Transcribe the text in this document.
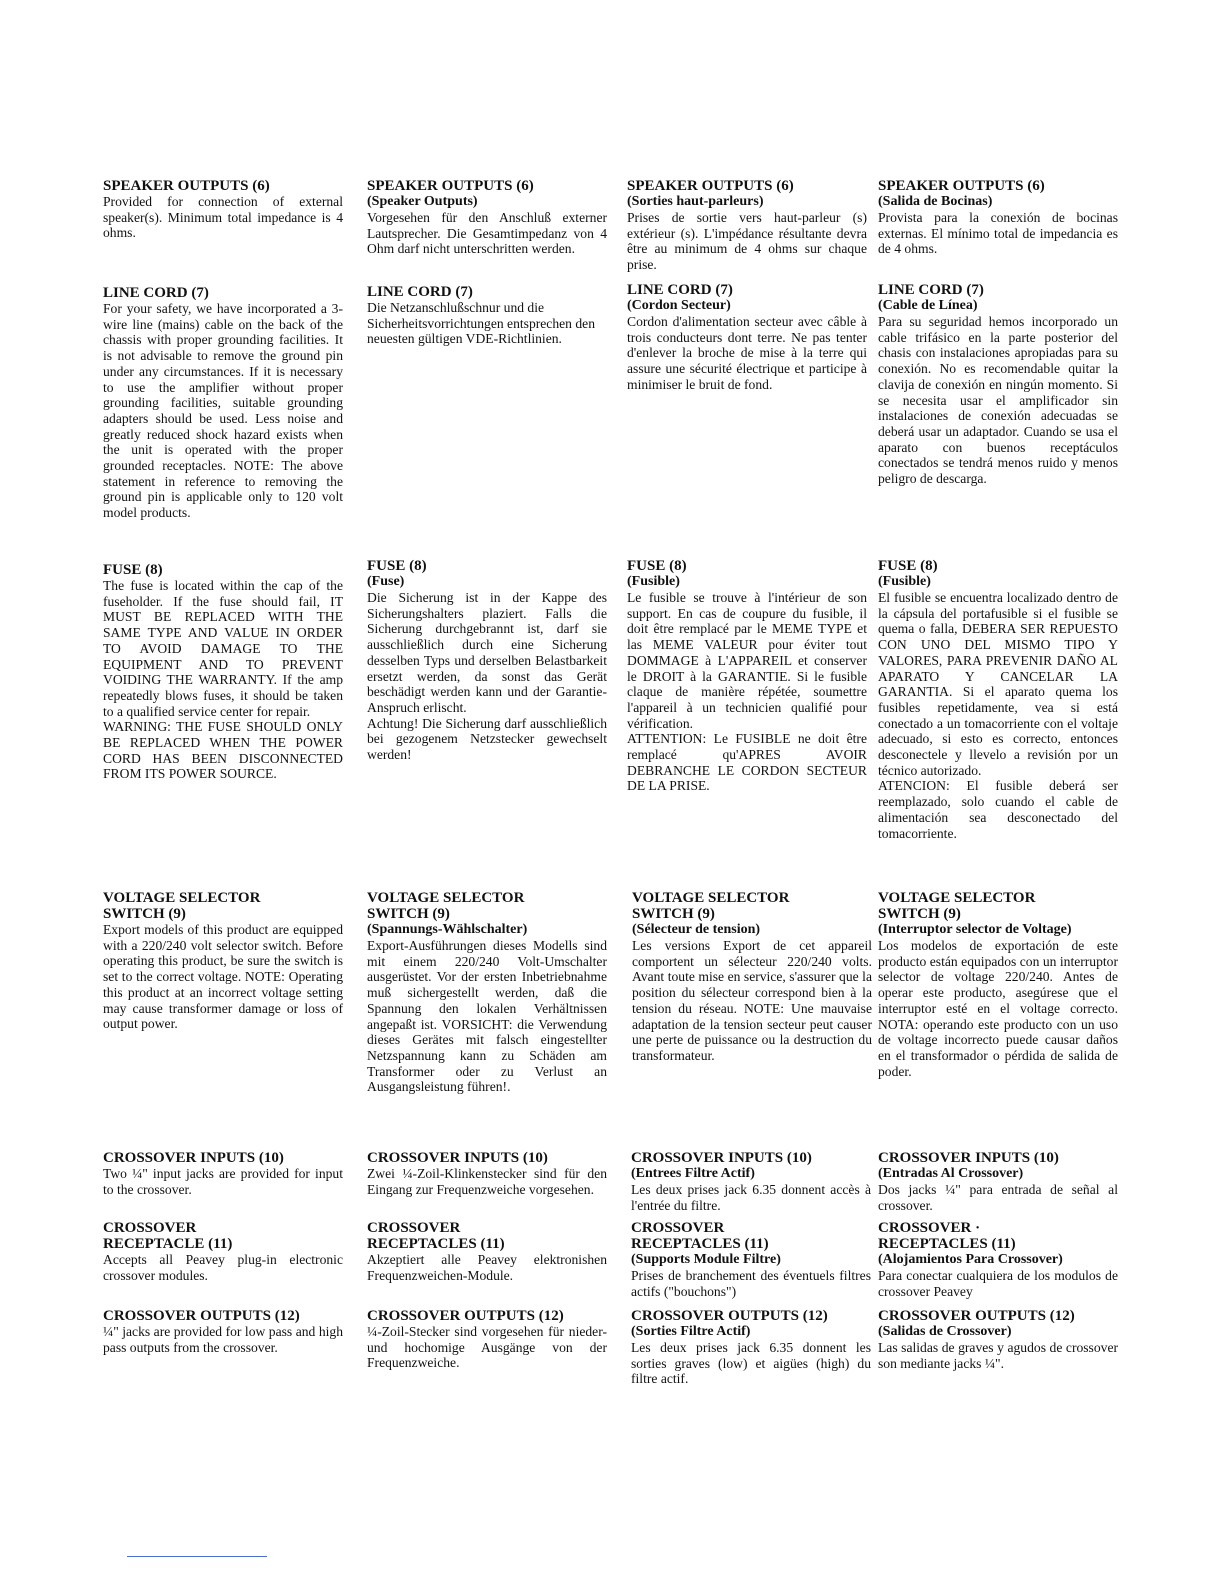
SPEAKER OUTPUTS (6)

Provided for connection of external speaker(s). Minimum total impedance is 4 ohms.

LINE CORD (7)

For your safety, we have incorporated a 3-wire line (mains) cable on the back of the chassis with proper grounding facilities. It is not advisable to remove the ground pin under any circumstances. If it is necessary to use the amplifier without proper grounding facilities, suitable grounding adapters should be used. Less noise and greatly reduced shock hazard exists when the unit is operated with the proper grounded receptacles. NOTE: The above statement in reference to removing the ground pin is applicable only to 120 volt model products.

FUSE (8)

The fuse is located within the cap of the fuseholder. If the fuse should fail, IT MUST BE REPLACED WITH THE SAME TYPE AND VALUE IN ORDER TO AVOID DAMAGE TO THE EQUIPMENT AND TO PREVENT VOIDING THE WARRANTY. If the amp repeatedly blows fuses, it should be taken to a qualified service center for repair.

WARNING: THE FUSE SHOULD ONLY BE REPLACED WHEN THE POWER CORD HAS BEEN DISCONNECTED FROM ITS POWER SOURCE.

VOLTAGE SELECTOR

SWITCH (9)

Export models of this product are equipped with a 220/240 volt selector switch. Before operating this product, be sure the switch is set to the correct voltage. NOTE: Operating this product at an incorrect voltage setting may cause transformer damage or loss of output power.

CROSSOVER INPUTS (10)

Two ¼" input jacks are provided for input to the crossover.

CROSSOVER

RECEPTACLE (11)

Accepts all Peavey plug-in electronic crossover modules.

CROSSOVER OUTPUTS (12)

¼" jacks are provided for low pass and high pass outputs from the crossover.

SPEAKER OUTPUTS (6)

(Speaker Outputs)

Vorgesehen für den Anschluß externer Lautsprecher. Die Gesamtimpedanz von 4 Ohm darf nicht unterschritten werden.

LINE CORD (7)

Die Netzanschlußschnur und die Sicherheitsvorrichtungen entsprechen den neuesten gültigen VDE-Richtlinien.

FUSE (8)

(Fuse)

Die Sicherung ist in der Kappe des Sicherungshalters plaziert. Falls die Sicherung durchgebrannt ist, darf sie ausschließlich durch eine Sicherung desselben Typs und derselben Belastbarkeit ersetzt werden, da sonst das Gerät beschädigt werden kann und der Garantie-Anspruch erlischt.

Achtung! Die Sicherung darf ausschließlich bei gezogenem Netzstecker gewechselt werden!

VOLTAGE SELECTOR

SWITCH (9)

(Spannungs-Wählschalter)

Export-Ausführungen dieses Modells sind mit einem 220/240 Volt-Umschalter ausgerüstet. Vor der ersten Inbetriebnahme muß sichergestellt werden, daß die Spannung den lokalen Verhältnissen angepaßt ist. VORSICHT: die Verwendung dieses Gerätes mit falsch eingestellter Netzspannung kann zu Schäden am Transformer oder zu Verlust an Ausgangsleistung führen!.

CROSSOVER INPUTS (10)

Zwei ¼-Zoil-Klinkenstecker sind für den Eingang zur Frequenzweiche vorgesehen.

CROSSOVER

RECEPTACLES (11)

Akzeptiert alle Peavey elektronishen Frequenzweichen-Module.

CROSSOVER OUTPUTS (12)

¼-Zoil-Stecker sind vorgesehen für nieder- und hochomige Ausgänge von der Frequenzweiche.

SPEAKER OUTPUTS (6)

(Sorties haut-parleurs)

Prises de sortie vers haut-parleur (s) extérieur (s). L'impédance résultante devra être au minimum de 4 ohms sur chaque prise.

LINE CORD (7)

(Cordon Secteur)

Cordon d'alimentation secteur avec câble à trois conducteurs dont terre. Ne pas tenter d'enlever la broche de mise à la terre qui assure une sécurité électrique et participe à minimiser le bruit de fond.

FUSE (8)

(Fusible)

Le fusible se trouve à l'intérieur de son support. En cas de coupure du fusible, il doit être remplacé par le MEME TYPE et las MEME VALEUR pour éviter tout DOMMAGE à L'APPAREIL et conserver le DROIT à la GARANTIE. Si le fusible claque de manière répétée, soumettre l'appareil à un technicien qualifié pour vérification.

ATTENTION: Le FUSIBLE ne doit être remplacé qu'APRES AVOIR DEBRANCHE LE CORDON SECTEUR DE LA PRISE.

VOLTAGE SELECTOR

SWITCH (9)

(Sélecteur de tension)

Les versions Export de cet appareil comportent un sélecteur 220/240 volts. Avant toute mise en service, s'assurer que la position du sélecteur correspond bien à la tension du réseau. NOTE: Une mauvaise adaptation de la tension secteur peut causer une perte de puissance ou la destruction du transformateur.

CROSSOVER INPUTS (10)

(Entrees Filtre Actif)

Les deux prises jack 6.35 donnent accès à l'entrée du filtre.

CROSSOVER

RECEPTACLES (11)

(Supports Module Filtre)

Prises de branchement des éventuels filtres actifs ("bouchons")

CROSSOVER OUTPUTS (12)

(Sorties Filtre Actif)

Les deux prises jack 6.35 donnent les sorties graves (low) et aigües (high) du filtre actif.

SPEAKER OUTPUTS (6)

(Salida de Bocinas)

Provista para la conexión de bocinas externas. El mínimo total de impedancia es de 4 ohms.

LINE CORD (7)

(Cable de Línea)

Para su seguridad hemos incorporado un cable trifásico en la parte posterior del chasis con instalaciones apropiadas para su conexión. No es recomendable quitar la clavija de conexión en ningún momento. Si se necesita usar el amplificador sin instalaciones de conexión adecuadas se deberá usar un adaptador. Cuando se usa el aparato con buenos receptáculos conectados se tendrá menos ruido y menos peligro de descarga.

FUSE (8)

(Fusible)

El fusible se encuentra localizado dentro de la cápsula del portafusible si el fusible se quema o falla, DEBERA SER REPUESTO CON UNO DEL MISMO TIPO Y VALORES, PARA PREVENIR DAÑO AL APARATO Y CANCELAR LA GARANTIA. Si el aparato quema los fusibles repetidamente, vea si está conectado a un tomacorriente con el voltaje adecuado, si esto es correcto, entonces desconectele y llevelo a revisión por un técnico autorizado.

ATENCION: El fusible deberá ser reemplazado, solo cuando el cable de alimentación sea desconectado del tomacorriente.

VOLTAGE SELECTOR

SWITCH (9)

(Interruptor selector de Voltage)

Los modelos de exportación de este producto están equipados con un interruptor selector de voltage 220/240. Antes de operar este producto, asegúrese que el interruptor esté en el voltage correcto. NOTA: operando este producto con un uso de voltage incorrecto puede causar daños en el transformador o pérdida de salida de poder.

CROSSOVER INPUTS (10)

(Entradas Al Crossover)

Dos jacks ¼" para entrada de señal al crossover.

CROSSOVER ·

RECEPTACLES (11)

(Alojamientos Para Crossover)

Para conectar cualquiera de los modulos de crossover Peavey

CROSSOVER OUTPUTS (12)

(Salidas de Crossover)

Las salidas de graves y agudos de crossover son mediante jacks ¼".
